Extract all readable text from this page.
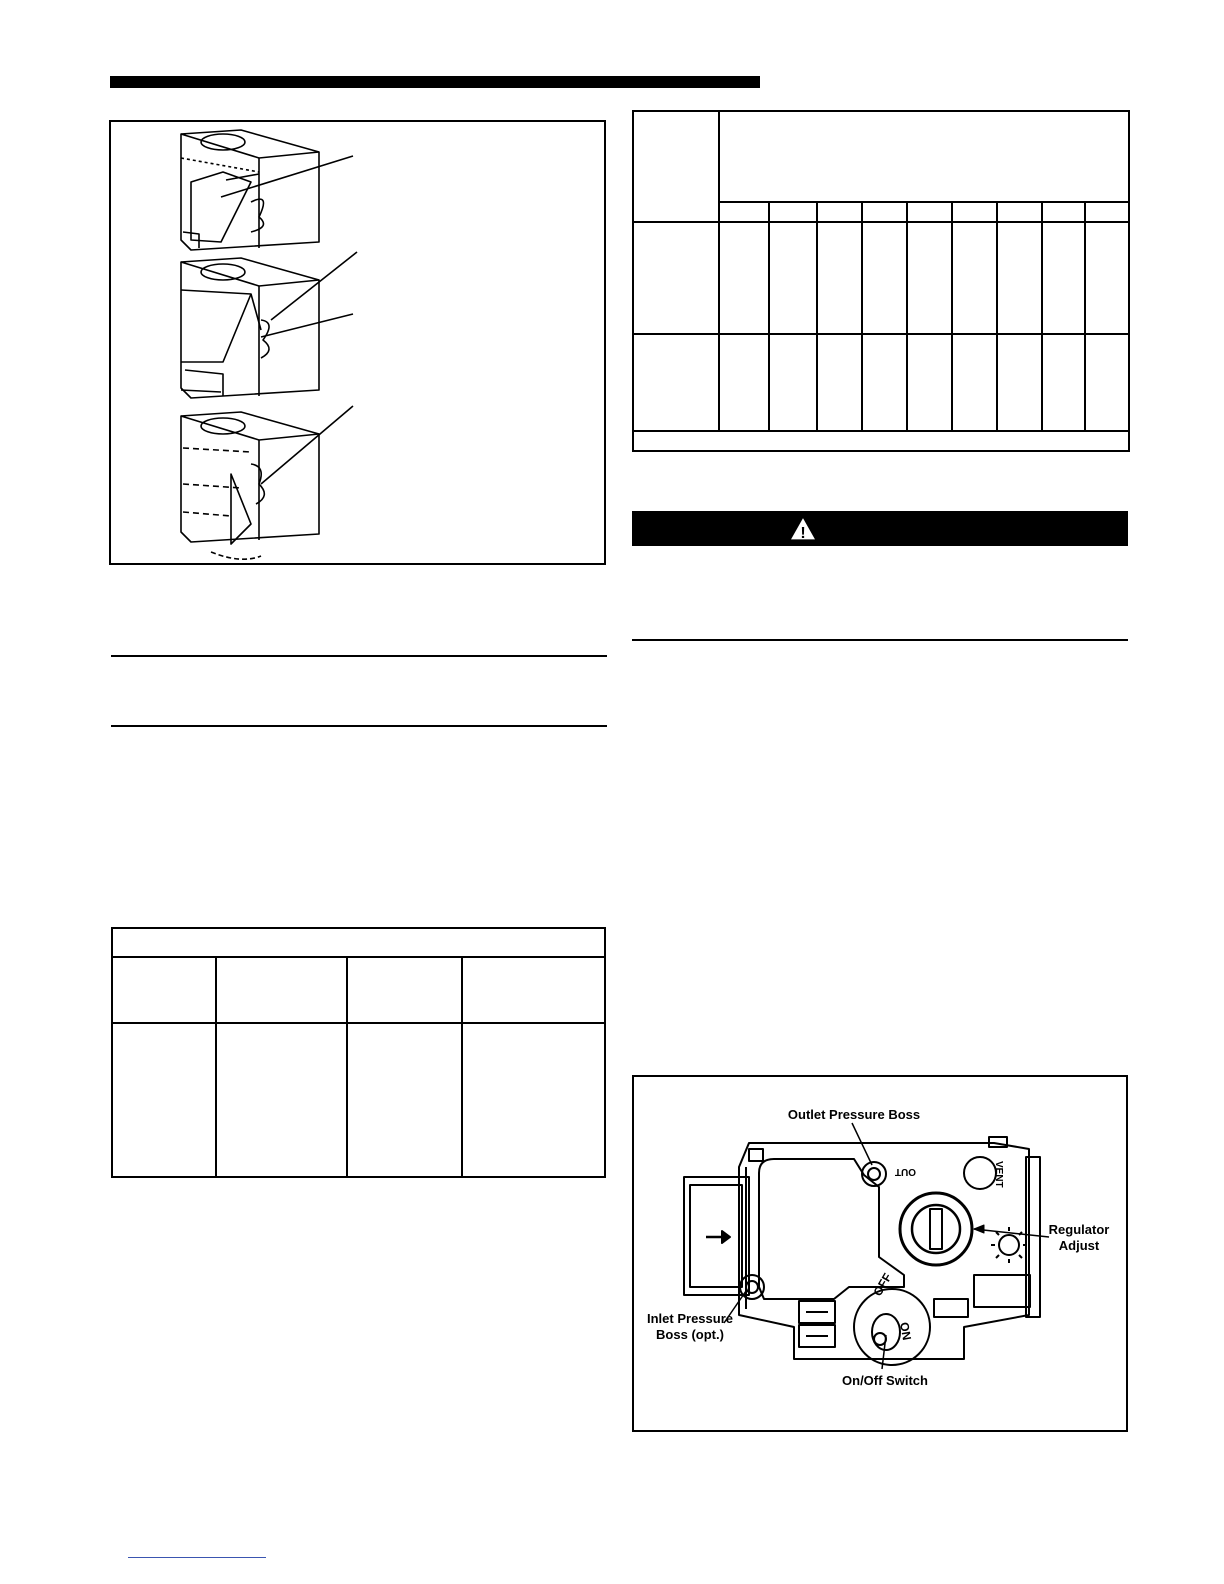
!
OUT	VENT
OFF
ON
Outlet Pressure Boss
Regulator
Adjust
Inlet Pressure
Boss (opt.)
On/Off Switch
